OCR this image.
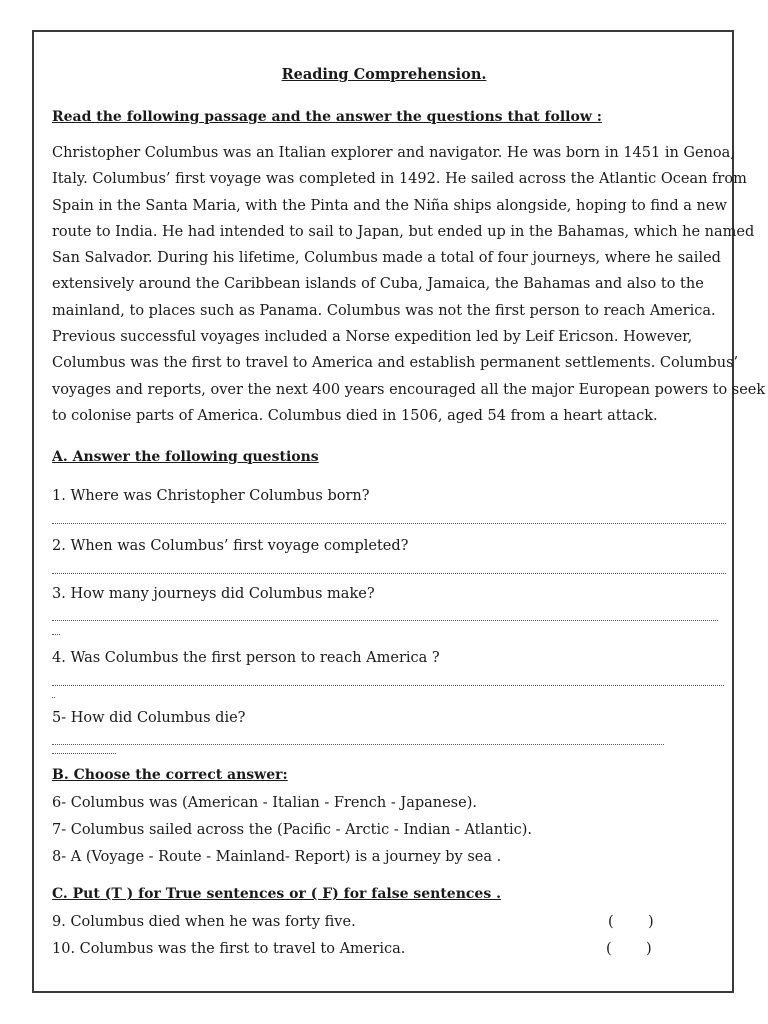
Reading Comprehension.
Read the following passage and the answer the questions that follow :
Christopher Columbus was an Italian explorer and navigator. He was born in 1451 in Genoa,
Italy. Columbus’ first voyage was completed in 1492. He sailed across the Atlantic Ocean from
Spain in the Santa Maria, with the Pinta and the Niña ships alongside, hoping to find a new
route to India. He had intended to sail to Japan, but ended up in the Bahamas, which he named
San Salvador. During his lifetime, Columbus made a total of four journeys, where he sailed
extensively around the Caribbean islands of Cuba, Jamaica, the Bahamas and also to the
mainland, to places such as Panama. Columbus was not the first person to reach America.
Previous successful voyages included a Norse expedition led by Leif Ericson. However,
Columbus was the first to travel to America and establish permanent settlements. Columbus’
voyages and reports, over the next 400 years encouraged all the major European powers to seek
to colonise parts of America. Columbus died in 1506, aged 54 from a heart attack.
A. Answer the following questions
1. Where was Christopher Columbus born?
2. When was Columbus’ first voyage completed?
3. How many journeys did Columbus make?
4. Was Columbus the first person to reach America ?
5- How did Columbus die?
B. Choose the correct answer:
6- Columbus was (American - Italian - French - Japanese).
7- Columbus sailed across the (Pacific - Arctic - Indian - Atlantic).
8- A (Voyage - Route - Mainland- Report) is a journey by sea .
C. Put (T ) for True sentences or ( F) for false sentences .
9. Columbus died when he was forty five.	( )
10. Columbus was the first to travel to America.	( )
